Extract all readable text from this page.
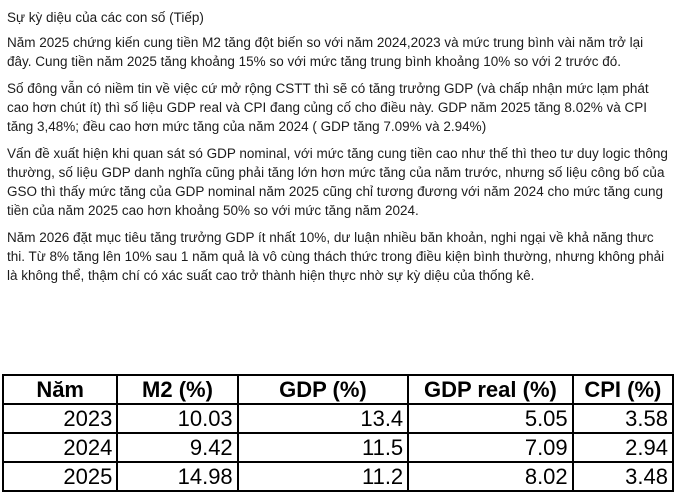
Sự kỳ diệu của các con số (Tiếp)

Năm 2025 chứng kiến cung tiền M2 tăng đột biến so với năm 2024,2023 và mức trung bình vài năm trở lại đây. Cung tiền năm 2025 tăng khoảng 15% so với mức tăng trung bình khoảng 10% so với 2 trước đó.

Số đông vẫn có niềm tin về việc cứ mở rộng CSTT thì sẽ có tăng trưởng GDP (và chấp nhận mức lạm phát cao hơn chút ít) thì số liệu GDP real và CPI đang củng cố cho điều này. GDP năm 2025 tăng 8.02% và CPI tăng 3,48%; đều cao hơn mức tăng của năm 2024 ( GDP tăng 7.09% và 2.94%)

Vấn đề xuất hiện khi quan sát só GDP nominal, với mức tăng cung tiền cao như thế thì theo tư duy logic thông thường, số liệu GDP danh nghĩa cũng phải tăng lớn hơn mức tăng của năm trước, nhưng số liệu công bố của GSO thì thấy mức tăng của GDP nominal năm 2025 cũng chỉ tương đương với năm 2024 cho mức tăng cung tiền của năm 2025 cao hơn khoảng 50% so với mức tăng năm 2024.

Năm 2026 đặt mục tiêu tăng trưởng GDP ít nhất 10%, dư luận nhiều băn khoản, nghi ngại về khả năng thưc thi. Từ 8% tăng lên 10% sau 1 năm quả là vô cùng thách thức trong điều kiện bình thường, nhưng không phải là không thể, thậm chí có xác suất cao trở thành hiện thực nhờ sự kỳ diệu của thống kê.

Năm	M2 (%)	GDP (%)	GDP real (%)	CPI (%)
2023	10.03	13.4	5.05	3.58
2024	9.42	11.5	7.09	2.94
2025	14.98	11.2	8.02	3.48
